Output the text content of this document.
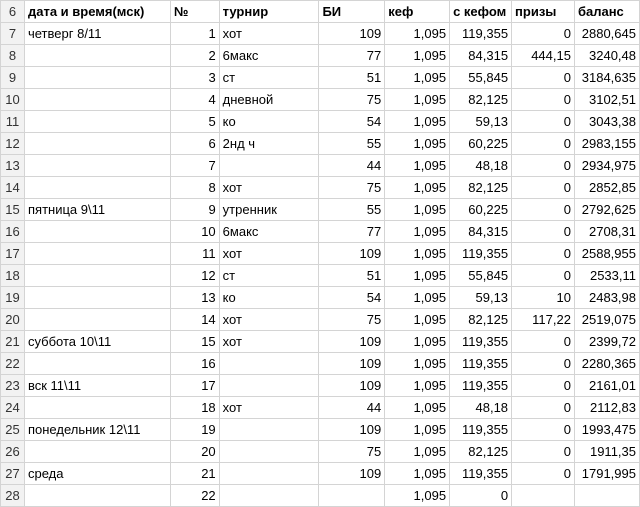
6	дата и время(мск)	№	турнир	БИ	кеф	с кефом	призы	баланс
7	четверг 8/11	1	хот	109	1,095	119,355	0	2880,645
8		2	6макс	77	1,095	84,315	444,15	3240,48
9		3	ст	51	1,095	55,845	0	3184,635
10		4	дневной	75	1,095	82,125	0	3102,51
11		5	ко	54	1,095	59,13	0	3043,38
12		6	2нд ч	55	1,095	60,225	0	2983,155
13		7		44	1,095	48,18	0	2934,975
14		8	хот	75	1,095	82,125	0	2852,85
15	пятница 9\11	9	утренник	55	1,095	60,225	0	2792,625
16		10	6макс	77	1,095	84,315	0	2708,31
17		11	хот	109	1,095	119,355	0	2588,955
18		12	ст	51	1,095	55,845	0	2533,11
19		13	ко	54	1,095	59,13	10	2483,98
20		14	хот	75	1,095	82,125	117,22	2519,075
21	суббота 10\11	15	хот	109	1,095	119,355	0	2399,72
22		16		109	1,095	119,355	0	2280,365
23	вск 11\11	17		109	1,095	119,355	0	2161,01
24		18	хот	44	1,095	48,18	0	2112,83
25	понедельник 12\11	19		109	1,095	119,355	0	1993,475
26		20		75	1,095	82,125	0	1911,35
27	среда	21		109	1,095	119,355	0	1791,995
28		22			1,095	0		
